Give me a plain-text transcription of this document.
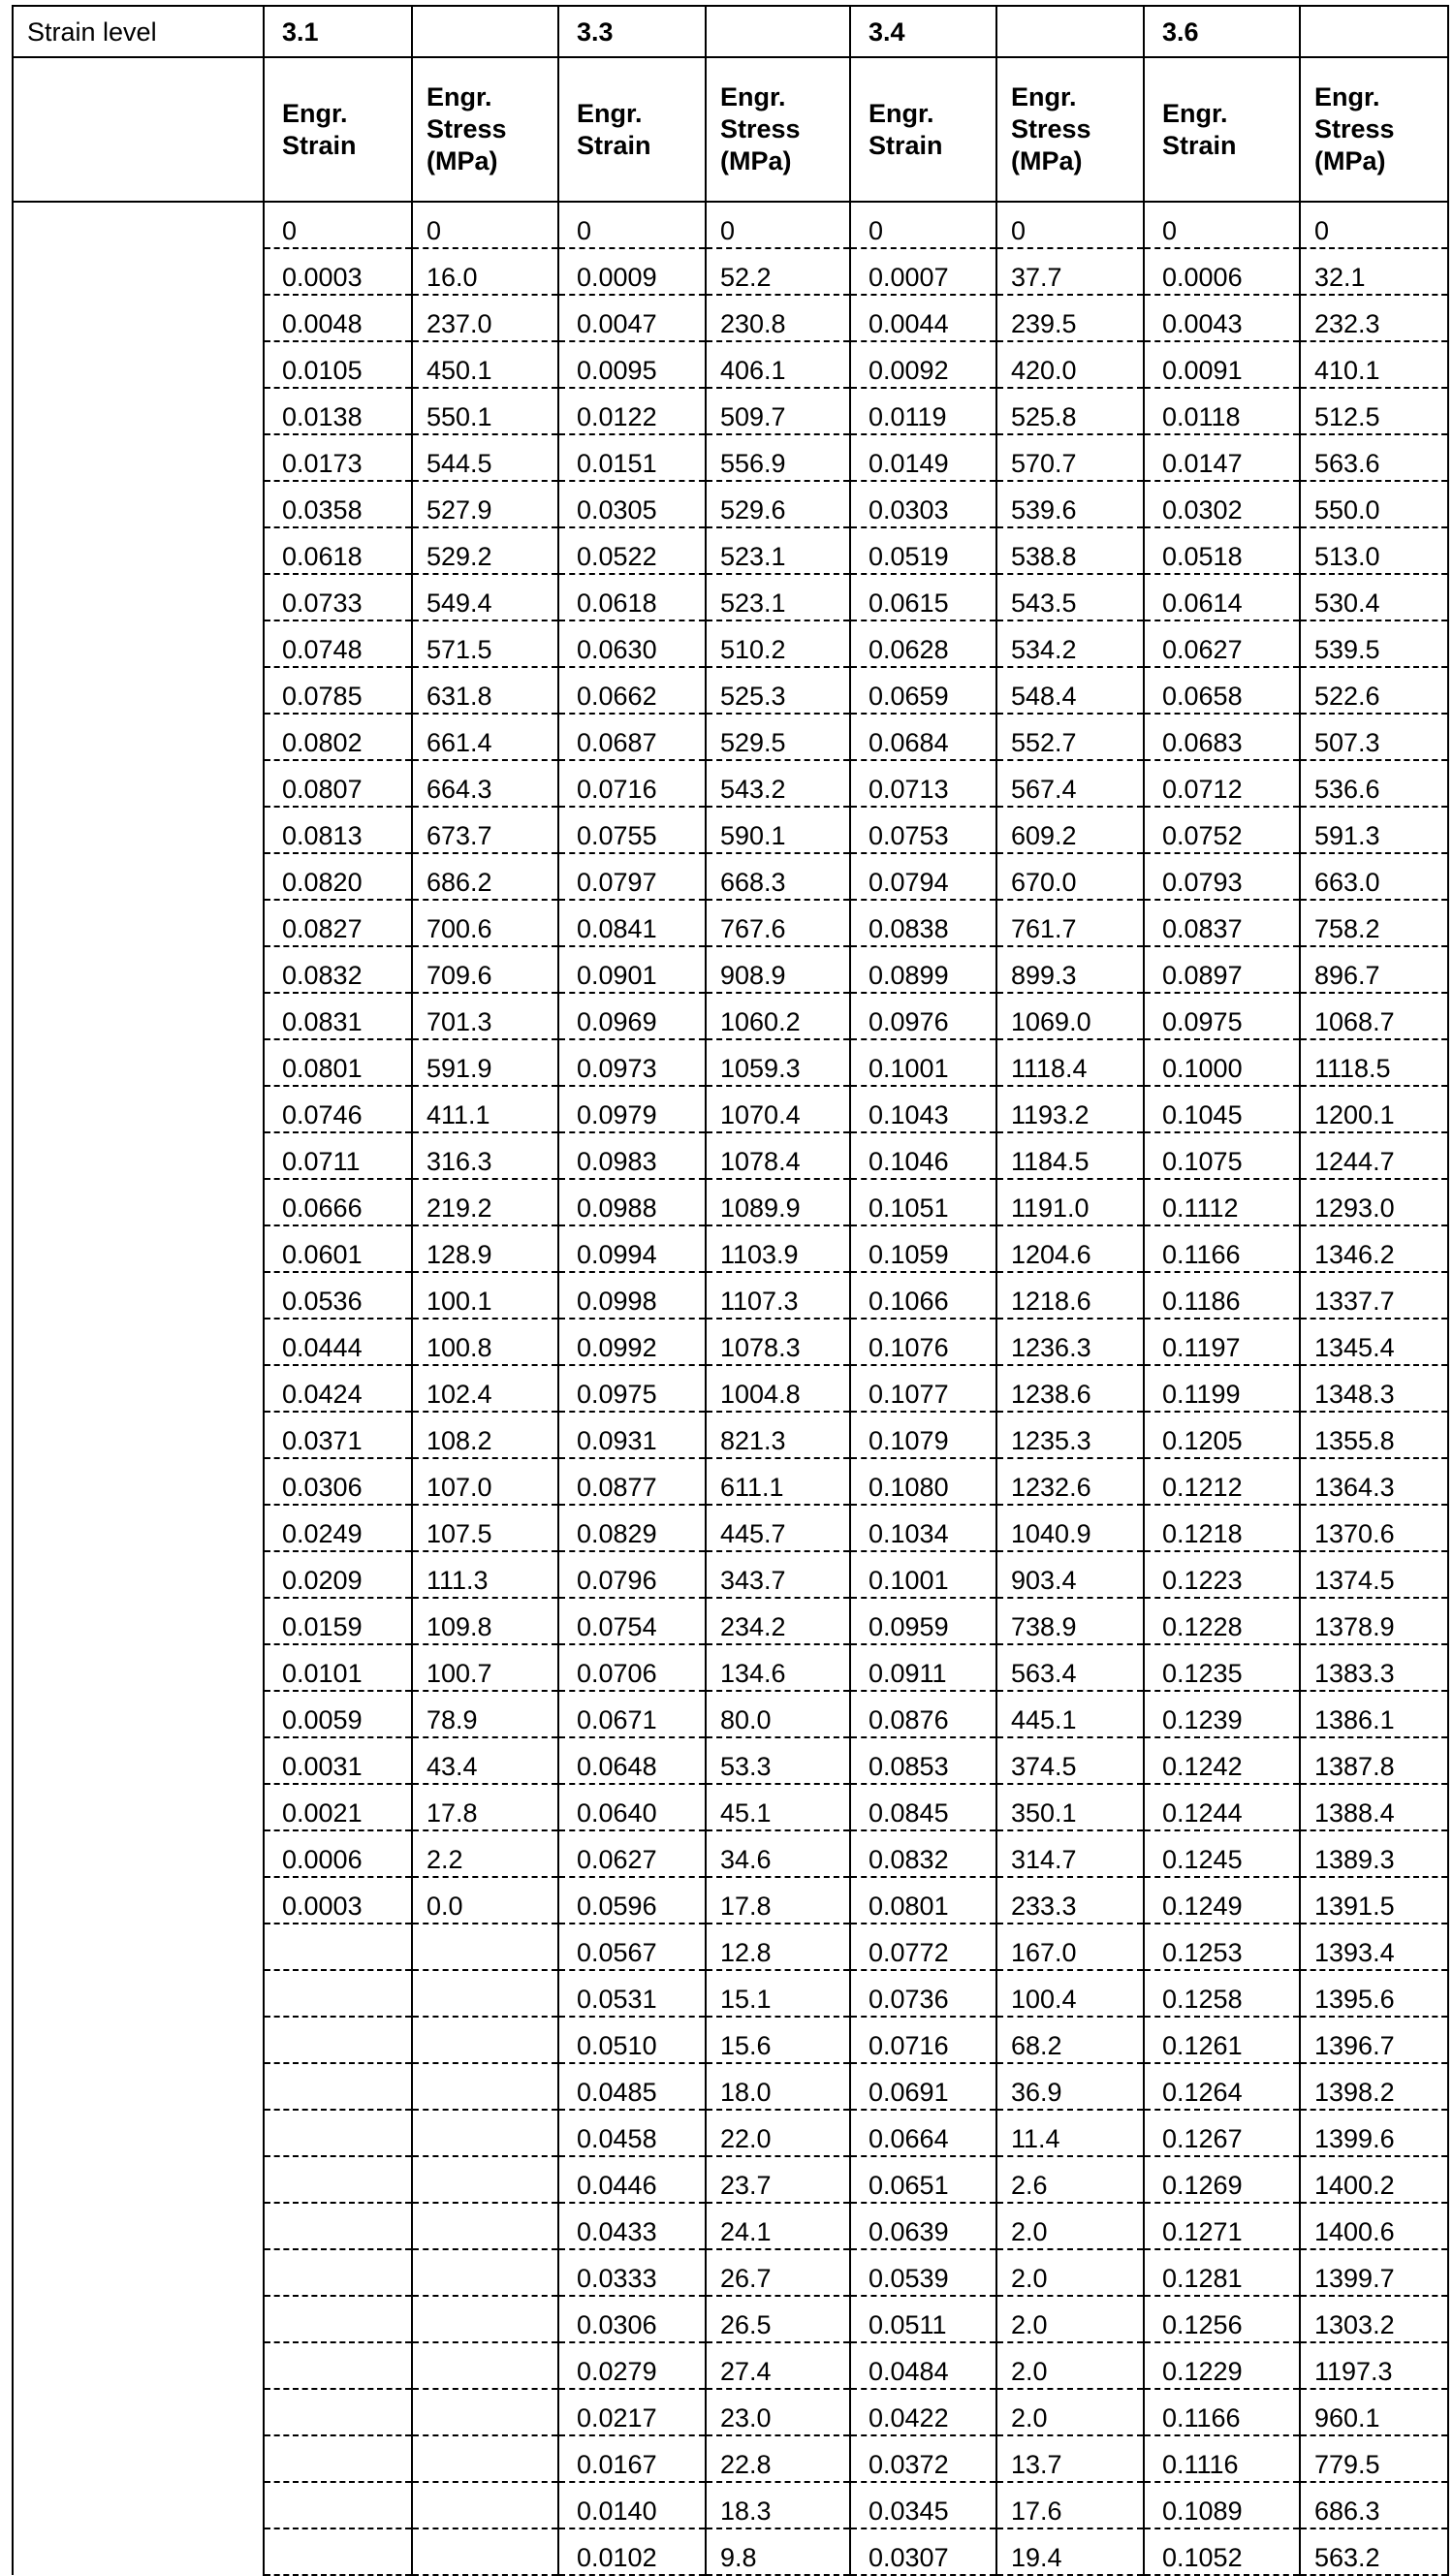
Strain level	3.1		3.3		3.4		3.6	
	Engr.
Strain	Engr.
Stress
(MPa)	Engr.
Strain	Engr.
Stress
(MPa)	Engr.
Strain	Engr.
Stress
(MPa)	Engr.
Strain	Engr.
Stress
(MPa)
	0	0	0	0	0	0	0	0
	0.0003	16.0	0.0009	52.2	0.0007	37.7	0.0006	32.1
	0.0048	237.0	0.0047	230.8	0.0044	239.5	0.0043	232.3
	0.0105	450.1	0.0095	406.1	0.0092	420.0	0.0091	410.1
	0.0138	550.1	0.0122	509.7	0.0119	525.8	0.0118	512.5
	0.0173	544.5	0.0151	556.9	0.0149	570.7	0.0147	563.6
	0.0358	527.9	0.0305	529.6	0.0303	539.6	0.0302	550.0
	0.0618	529.2	0.0522	523.1	0.0519	538.8	0.0518	513.0
	0.0733	549.4	0.0618	523.1	0.0615	543.5	0.0614	530.4
	0.0748	571.5	0.0630	510.2	0.0628	534.2	0.0627	539.5
	0.0785	631.8	0.0662	525.3	0.0659	548.4	0.0658	522.6
	0.0802	661.4	0.0687	529.5	0.0684	552.7	0.0683	507.3
	0.0807	664.3	0.0716	543.2	0.0713	567.4	0.0712	536.6
	0.0813	673.7	0.0755	590.1	0.0753	609.2	0.0752	591.3
	0.0820	686.2	0.0797	668.3	0.0794	670.0	0.0793	663.0
	0.0827	700.6	0.0841	767.6	0.0838	761.7	0.0837	758.2
	0.0832	709.6	0.0901	908.9	0.0899	899.3	0.0897	896.7
	0.0831	701.3	0.0969	1060.2	0.0976	1069.0	0.0975	1068.7
	0.0801	591.9	0.0973	1059.3	0.1001	1118.4	0.1000	1118.5
	0.0746	411.1	0.0979	1070.4	0.1043	1193.2	0.1045	1200.1
	0.0711	316.3	0.0983	1078.4	0.1046	1184.5	0.1075	1244.7
	0.0666	219.2	0.0988	1089.9	0.1051	1191.0	0.1112	1293.0
	0.0601	128.9	0.0994	1103.9	0.1059	1204.6	0.1166	1346.2
	0.0536	100.1	0.0998	1107.3	0.1066	1218.6	0.1186	1337.7
	0.0444	100.8	0.0992	1078.3	0.1076	1236.3	0.1197	1345.4
	0.0424	102.4	0.0975	1004.8	0.1077	1238.6	0.1199	1348.3
	0.0371	108.2	0.0931	821.3	0.1079	1235.3	0.1205	1355.8
	0.0306	107.0	0.0877	611.1	0.1080	1232.6	0.1212	1364.3
	0.0249	107.5	0.0829	445.7	0.1034	1040.9	0.1218	1370.6
	0.0209	111.3	0.0796	343.7	0.1001	903.4	0.1223	1374.5
	0.0159	109.8	0.0754	234.2	0.0959	738.9	0.1228	1378.9
	0.0101	100.7	0.0706	134.6	0.0911	563.4	0.1235	1383.3
	0.0059	78.9	0.0671	80.0	0.0876	445.1	0.1239	1386.1
	0.0031	43.4	0.0648	53.3	0.0853	374.5	0.1242	1387.8
	0.0021	17.8	0.0640	45.1	0.0845	350.1	0.1244	1388.4
	0.0006	2.2	0.0627	34.6	0.0832	314.7	0.1245	1389.3
	0.0003	0.0	0.0596	17.8	0.0801	233.3	0.1249	1391.5
			0.0567	12.8	0.0772	167.0	0.1253	1393.4
			0.0531	15.1	0.0736	100.4	0.1258	1395.6
			0.0510	15.6	0.0716	68.2	0.1261	1396.7
			0.0485	18.0	0.0691	36.9	0.1264	1398.2
			0.0458	22.0	0.0664	11.4	0.1267	1399.6
			0.0446	23.7	0.0651	2.6	0.1269	1400.2
			0.0433	24.1	0.0639	2.0	0.1271	1400.6
			0.0333	26.7	0.0539	2.0	0.1281	1399.7
			0.0306	26.5	0.0511	2.0	0.1256	1303.2
			0.0279	27.4	0.0484	2.0	0.1229	1197.3
			0.0217	23.0	0.0422	2.0	0.1166	960.1
			0.0167	22.8	0.0372	13.7	0.1116	779.5
			0.0140	18.3	0.0345	17.6	0.1089	686.3
			0.0102	9.8	0.0307	19.4	0.1052	563.2
